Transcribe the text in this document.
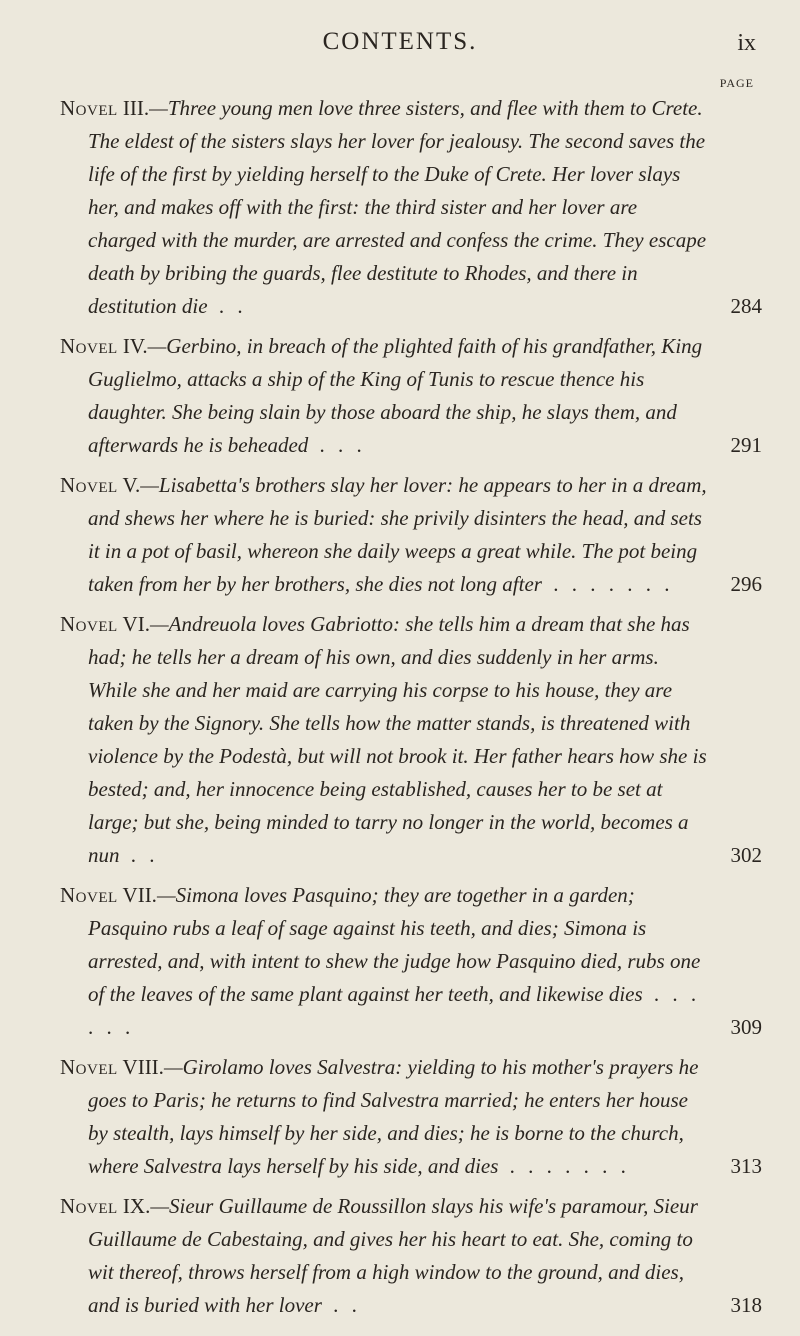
CONTENTS.	ix
PAGE
Novel III.—Three young men love three sisters, and flee with them to Crete. The eldest of the sisters slays her lover for jealousy. The second saves the life of the first by yielding herself to the Duke of Crete. Her lover slays her, and makes off with the first: the third sister and her lover are charged with the murder, are arrested and confess the crime. They escape death by bribing the guards, flee destitute to Rhodes, and there in destitution die . .	284
Novel IV.—Gerbino, in breach of the plighted faith of his grandfather, King Guglielmo, attacks a ship of the King of Tunis to rescue thence his daughter. She being slain by those aboard the ship, he slays them, and afterwards he is beheaded . . .	291
Novel V.—Lisabetta's brothers slay her lover: he appears to her in a dream, and shews her where he is buried: she privily disinters the head, and sets it in a pot of basil, whereon she daily weeps a great while. The pot being taken from her by her brothers, she dies not long after . . . . . . .	296
Novel VI.—Andreuola loves Gabriotto: she tells him a dream that she has had; he tells her a dream of his own, and dies suddenly in her arms. While she and her maid are carrying his corpse to his house, they are taken by the Signory. She tells how the matter stands, is threatened with violence by the Podestà, but will not brook it. Her father hears how she is bested; and, her innocence being established, causes her to be set at large; but she, being minded to tarry no longer in the world, becomes a nun . .	302
Novel VII.—Simona loves Pasquino; they are together in a garden; Pasquino rubs a leaf of sage against his teeth, and dies; Simona is arrested, and, with intent to shew the judge how Pasquino died, rubs one of the leaves of the same plant against her teeth, and likewise dies . . . . . .	309
Novel VIII.—Girolamo loves Salvestra: yielding to his mother's prayers he goes to Paris; he returns to find Salvestra married; he enters her house by stealth, lays himself by her side, and dies; he is borne to the church, where Salvestra lays herself by his side, and dies . . . . . . .	313
Novel IX.—Sieur Guillaume de Roussillon slays his wife's paramour, Sieur Guillaume de Cabestaing, and gives her his heart to eat. She, coming to wit thereof, throws herself from a high window to the ground, and dies, and is buried with her lover . .	318
